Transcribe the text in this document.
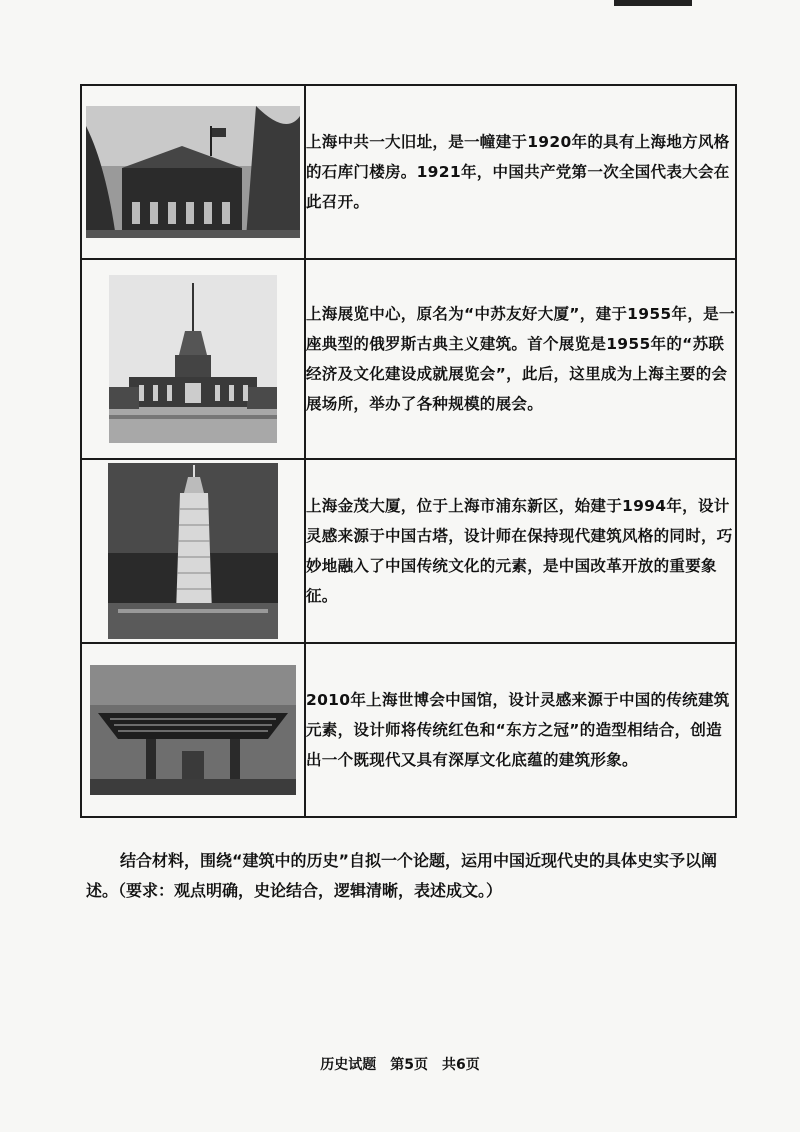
上海中共一大旧址，是一幢建于1920年的具有上海地方风格的石库门楼房。1921年，中国共产党第一次全国代表大会在此召开。

上海展览中心，原名为“中苏友好大厦”，建于1955年，是一座典型的俄罗斯古典主义建筑。首个展览是1955年的“苏联经济及文化建设成就展览会”，此后，这里成为上海主要的会展场所，举办了各种规模的展会。

上海金茂大厦，位于上海市浦东新区，始建于1994年，设计灵感来源于中国古塔，设计师在保持现代建筑风格的同时，巧妙地融入了中国传统文化的元素，是中国改革开放的重要象征。

2010年上海世博会中国馆，设计灵感来源于中国的传统建筑元素，设计师将传统红色和“东方之冠”的造型相结合，创造出一个既现代又具有深厚文化底蕴的建筑形象。
结合材料，围绕“建筑中的历史”自拟一个论题，运用中国近现代史的具体史实予以阐述。（要求：观点明确，史论结合，逻辑清晰，表述成文。）
历史试题　第5页　共6页
